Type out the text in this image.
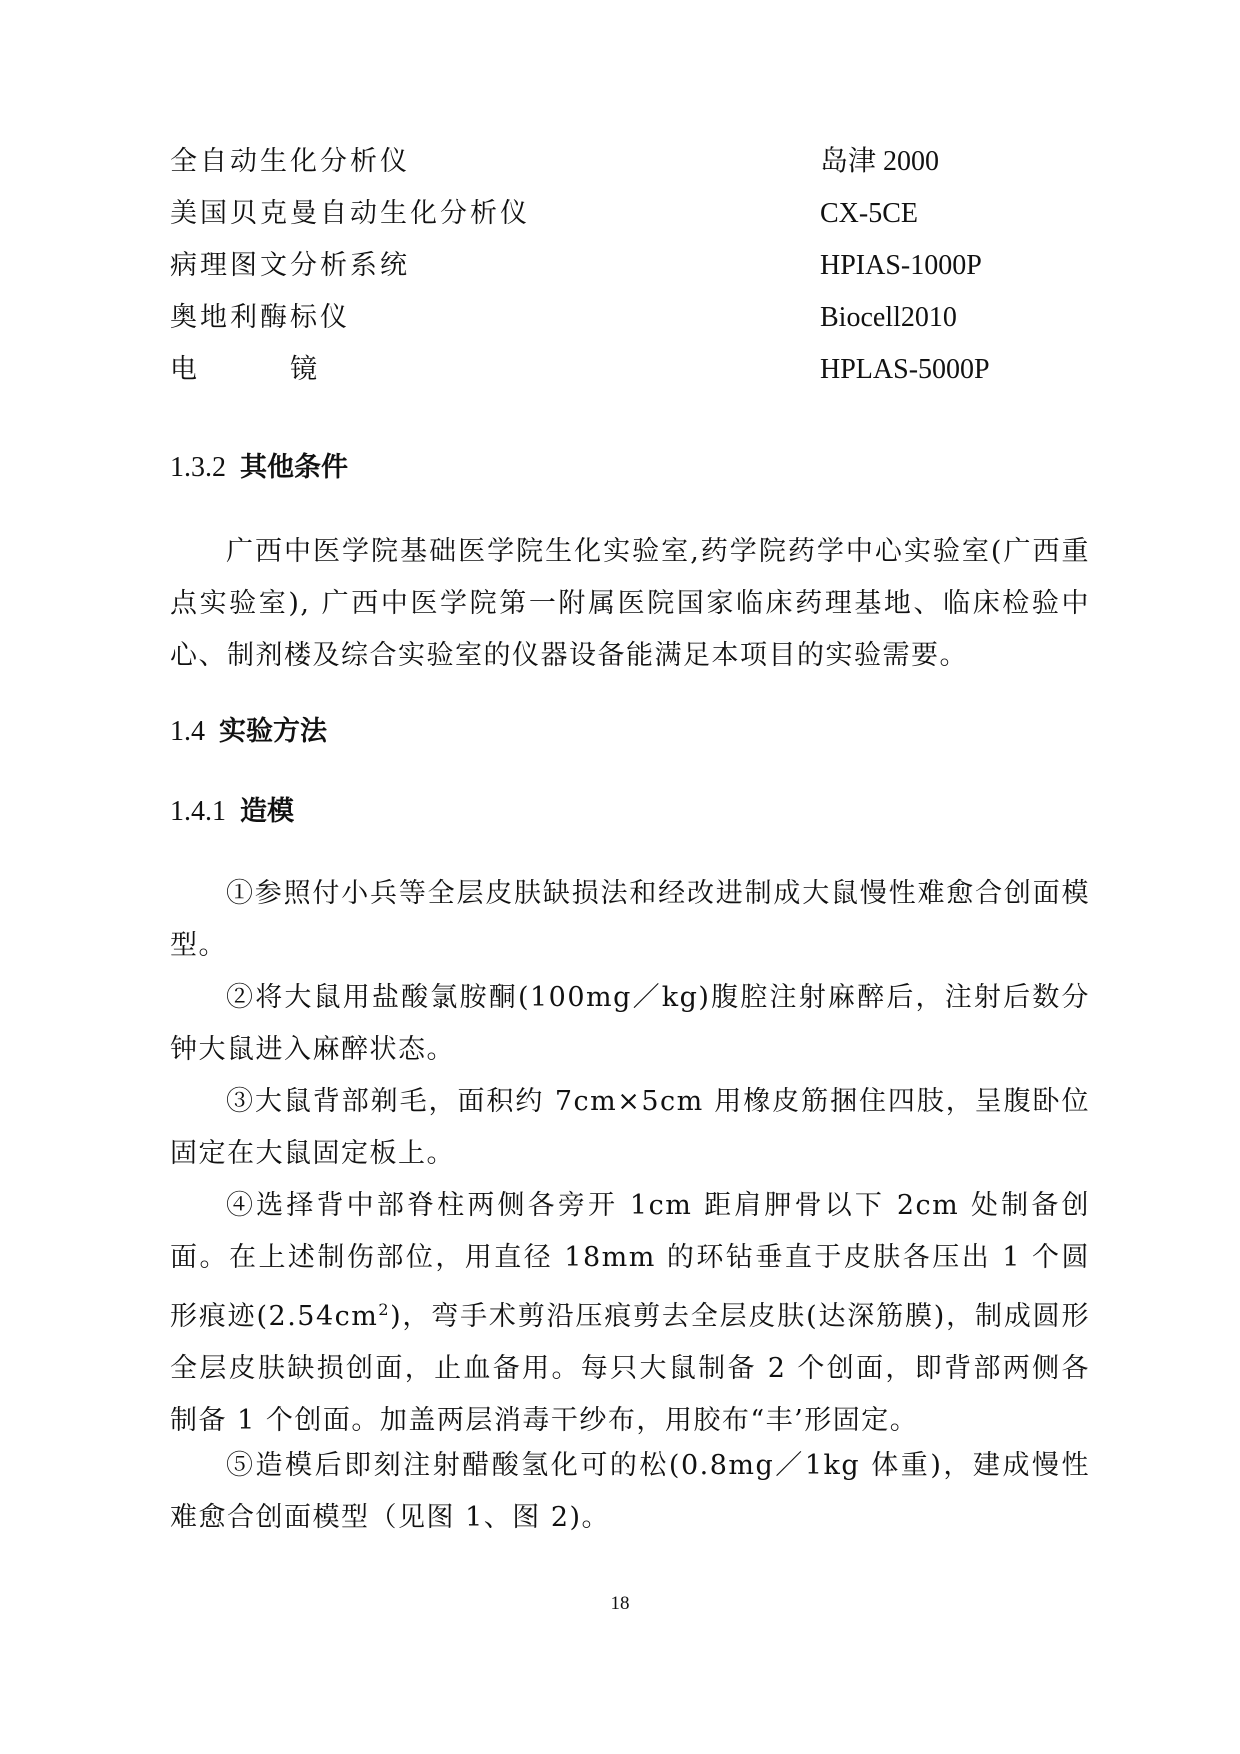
全自动生化分析仪	岛津 2000
美国贝克曼自动生化分析仪	CX-5CE
病理图文分析系统	HPIAS-1000P
奥地利酶标仪	Biocell2010
电　　　镜	HPLAS-5000P
1.3.2 其他条件

广西中医学院基础医学院生化实验室,药学院药学中心实验室(广西重点实验室), 广西中医学院第一附属医院国家临床药理基地、临床检验中心、制剂楼及综合实验室的仪器设备能满足本项目的实验需要。

1.4 实验方法
1.4.1 造模

①参照付小兵等全层皮肤缺损法和经改进制成大鼠慢性难愈合创面模型。

②将大鼠用盐酸氯胺酮(100mg／kg)腹腔注射麻醉后，注射后数分钟大鼠进入麻醉状态。

③大鼠背部剃毛，面积约 7cm×5cm 用橡皮筋捆住四肢，呈腹卧位固定在大鼠固定板上。

④选择背中部脊柱两侧各旁开 1cm 距肩胛骨以下 2cm 处制备创面。在上述制伤部位，用直径 18mm 的环钻垂直于皮肤各压出 1 个圆形痕迹$(2.54cm^2)$，弯手术剪沿压痕剪去全层皮肤(达深筋膜)，制成圆形全层皮肤缺损创面，止血备用。每只大鼠制备 2 个创面，即背部两侧各制备 1 个创面。加盖两层消毒干纱布，用胶布“丰’形固定。

⑤造模后即刻注射醋酸氢化可的松(0.8mg／1kg 体重)，建成慢性难愈合创面模型（见图 1、图 2)。

18
